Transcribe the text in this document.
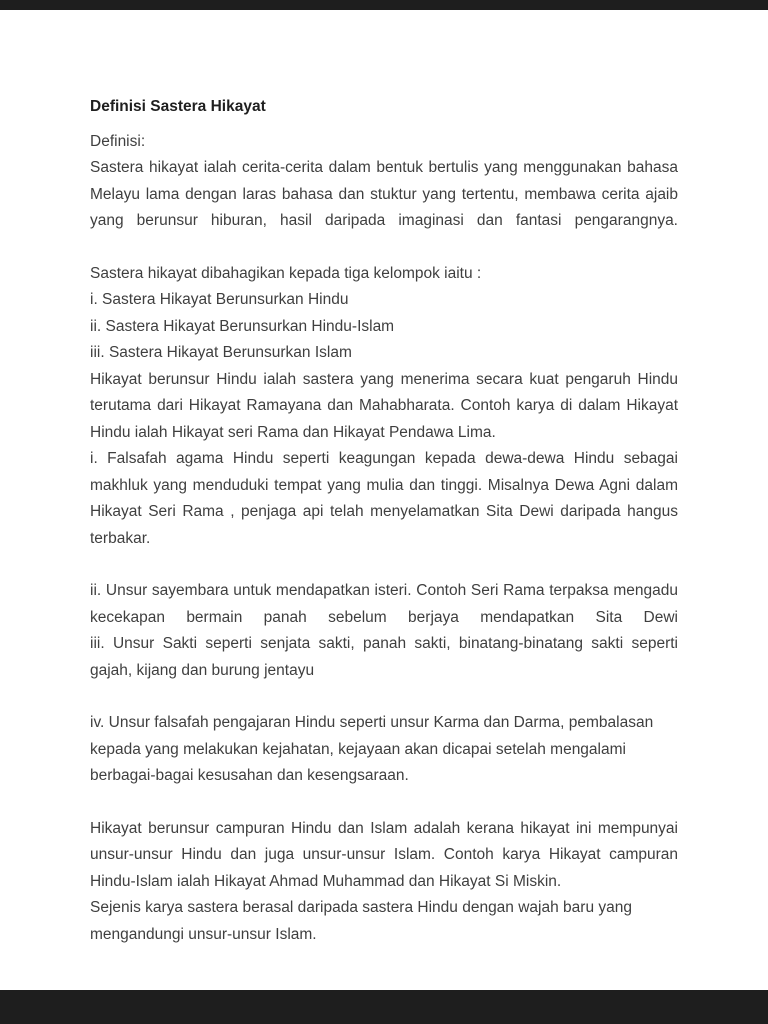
Definisi Sastera Hikayat

Definisi:

Sastera hikayat ialah cerita-cerita dalam bentuk bertulis yang menggunakan bahasa Melayu lama dengan laras bahasa dan stuktur yang tertentu, membawa cerita ajaib yang berunsur hiburan, hasil daripada imaginasi dan fantasi pengarangnya.

Sastera hikayat dibahagikan kepada tiga kelompok iaitu :

i. Sastera Hikayat Berunsurkan Hindu

ii. Sastera Hikayat Berunsurkan Hindu-Islam

iii. Sastera Hikayat Berunsurkan Islam

Hikayat berunsur Hindu ialah sastera yang menerima secara kuat pengaruh Hindu terutama dari Hikayat Ramayana dan Mahabharata. Contoh karya di dalam Hikayat Hindu ialah Hikayat seri Rama dan Hikayat Pendawa Lima.

i. Falsafah agama Hindu seperti keagungan kepada dewa-dewa Hindu sebagai makhluk yang menduduki tempat yang mulia dan tinggi. Misalnya Dewa Agni dalam Hikayat Seri Rama , penjaga api telah menyelamatkan Sita Dewi daripada hangus terbakar.

ii. Unsur sayembara untuk mendapatkan isteri. Contoh Seri Rama terpaksa mengadu kecekapan bermain panah sebelum berjaya mendapatkan Sita Dewi

iii. Unsur Sakti seperti senjata sakti, panah sakti, binatang-binatang sakti seperti gajah, kijang dan burung jentayu

iv. Unsur falsafah pengajaran Hindu seperti unsur Karma dan Darma, pembalasan kepada yang melakukan kejahatan, kejayaan akan dicapai setelah mengalami berbagai-bagai kesusahan dan kesengsaraan.

Hikayat berunsur campuran Hindu dan Islam adalah kerana hikayat ini mempunyai unsur-unsur Hindu dan juga unsur-unsur Islam. Contoh karya Hikayat campuran Hindu-Islam ialah Hikayat Ahmad Muhammad dan Hikayat Si Miskin.

Sejenis karya sastera berasal daripada sastera Hindu dengan wajah baru yang mengandungi unsur-unsur Islam.
